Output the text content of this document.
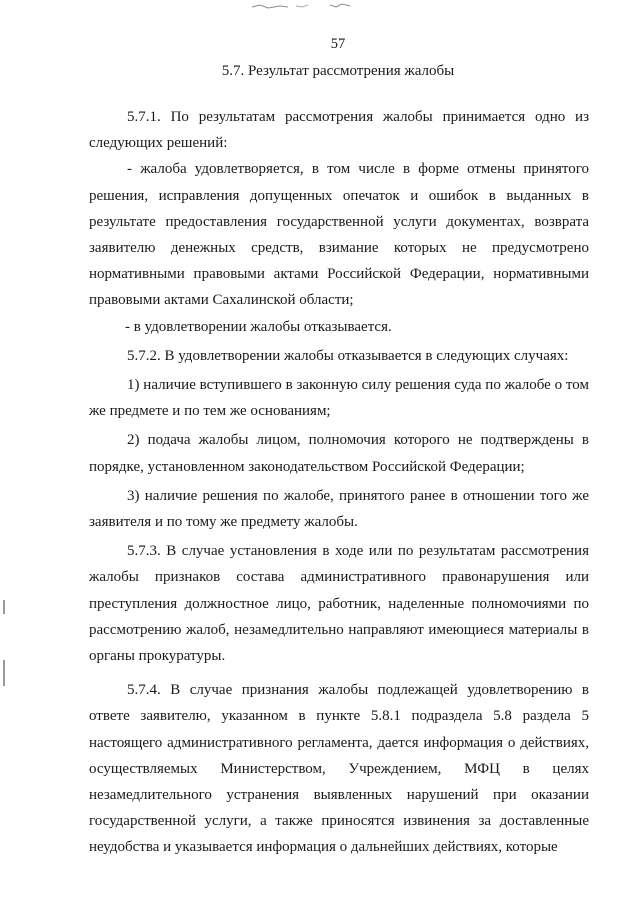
57
5.7. Результат рассмотрения жалобы

5.7.1. По результатам рассмотрения жалобы принимается одно из следующих решений:

- жалоба удовлетворяется, в том числе в форме отмены принятого решения, исправления допущенных опечаток и ошибок в выданных в результате предоставления государственной услуги документах, возврата заявителю денежных средств, взимание которых не предусмотрено нормативными правовыми актами Российской Федерации, нормативными правовыми актами Сахалинской области;

- в удовлетворении жалобы отказывается.

5.7.2. В удовлетворении жалобы отказывается в следующих случаях:

1) наличие вступившего в законную силу решения суда по жалобе о том же предмете и по тем же основаниям;

2) подача жалобы лицом, полномочия которого не подтверждены в порядке, установленном законодательством Российской Федерации;

3) наличие решения по жалобе, принятого ранее в отношении того же заявителя и по тому же предмету жалобы.

5.7.3. В случае установления в ходе или по результатам рассмотрения жалобы признаков состава административного правонарушения или преступления должностное лицо, работник, наделенные полномочиями по рассмотрению жалоб, незамедлительно направляют имеющиеся материалы в органы прокуратуры.

5.7.4. В случае признания жалобы подлежащей удовлетворению в ответе заявителю, указанном в пункте 5.8.1 подраздела 5.8 раздела 5 настоящего административного регламента, дается информация о действиях, осуществляемых Министерством, Учреждением, МФЦ в целях незамедлительного устранения выявленных нарушений при оказании государственной услуги, а также приносятся извинения за доставленные неудобства и указывается информация о дальнейших действиях, которые
